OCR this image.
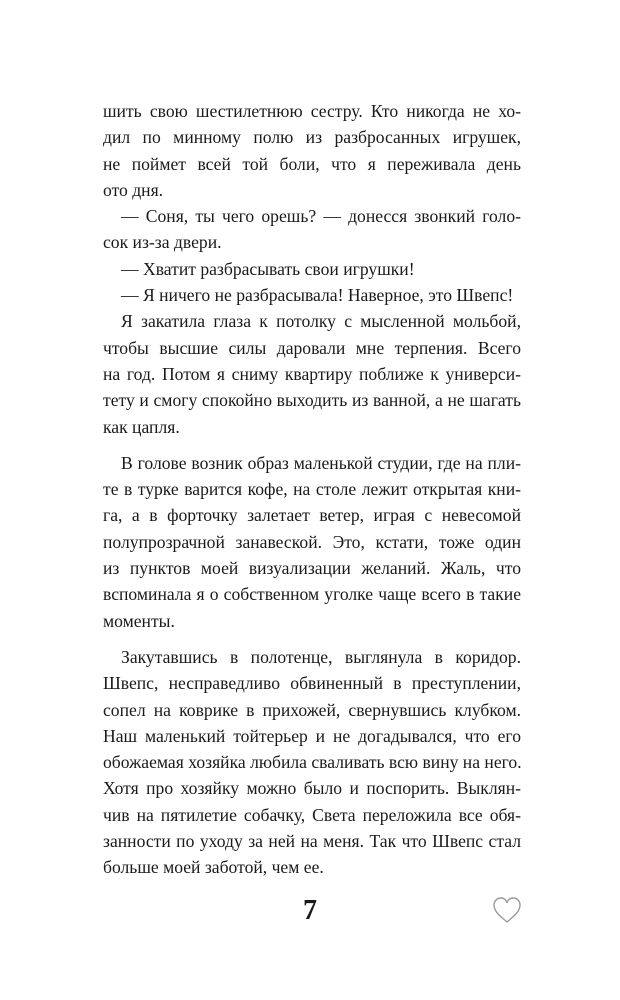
шить свою шестилетнюю сестру. Кто никогда не хо-
дил по минному полю из разбросанных игрушек,
не поймет всей той боли, что я переживала день
ото дня.

— Соня, ты чего орешь? — донесся звонкий голо-
сок из-за двери.

— Хватит разбрасывать свои игрушки!

— Я ничего не разбрасывала! Наверное, это Швепс!

Я закатила глаза к потолку с мысленной мольбой,
чтобы высшие силы даровали мне терпения. Всего
на год. Потом я сниму квартиру поближе к универси-
тету и смогу спокойно выходить из ванной, а не шагать
как цапля.

В голове возник образ маленькой студии, где на пли-
те в турке варится кофе, на столе лежит открытая кни-
га, а в форточку залетает ветер, играя с невесомой
полупрозрачной занавеской. Это, кстати, тоже один
из пунктов моей визуализации желаний. Жаль, что
вспоминала я о собственном уголке чаще всего в такие
моменты.

Закутавшись в полотенце, выглянула в коридор.
Швепс, несправедливо обвиненный в преступлении,
сопел на коврике в прихожей, свернувшись клубком.
Наш маленький тойтерьер и не догадывался, что его
обожаемая хозяйка любила сваливать всю вину на него.
Хотя про хозяйку можно было и поспорить. Выклян-
чив на пятилетие собачку, Света переложила все обя-
занности по уходу за ней на меня. Так что Швепс стал
больше моей заботой, чем ее.

7
